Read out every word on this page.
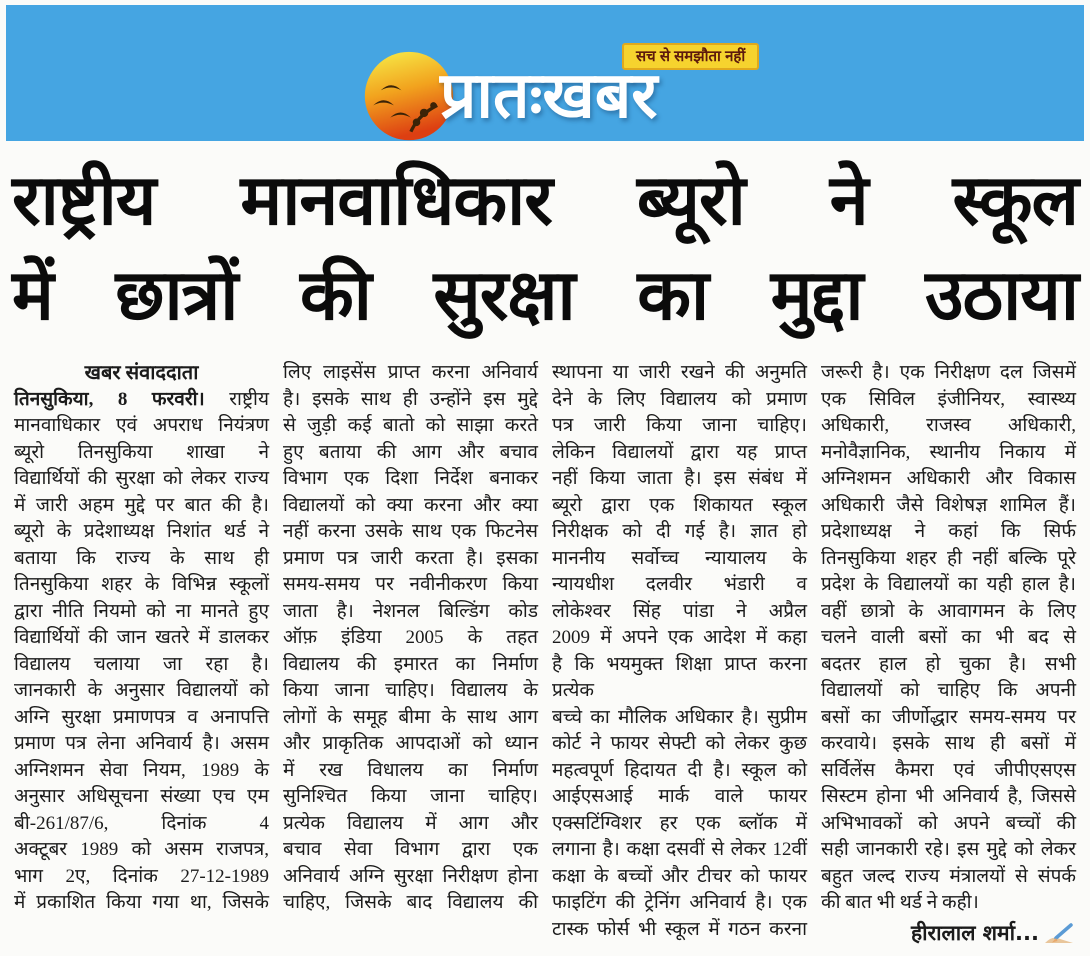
सच से समझौता नहीं
प्रातःखबर
राष्ट्रीय मानवाधिकार ब्यूरो ने स्कूल
में छात्रों की सुरक्षा का मुद्दा उठाया
खबर संवाददाता
तिनसुकिया, 8 फरवरी। राष्ट्रीय
मानवाधिकार एवं अपराध नियंत्रण
ब्यूरो तिनसुकिया शाखा ने
विद्यार्थियों की सुरक्षा को लेकर राज्य
में जारी अहम मुद्दे पर बात की है।
ब्यूरो के प्रदेशाध्यक्ष निशांत थर्ड ने
बताया कि राज्य के साथ ही
तिनसुकिया शहर के विभिन्न स्कूलों
द्वारा नीति नियमो को ना मानते हुए
विद्यार्थियों की जान खतरे में डालकर
विद्यालय चलाया जा रहा है।
जानकारी के अनुसार विद्यालयों को
अग्नि सुरक्षा प्रमाणपत्र व अनापत्ति
प्रमाण पत्र लेना अनिवार्य है। असम
अग्निशमन सेवा नियम, 1989 के
अनुसार अधिसूचना संख्या एच एम
बी-261/87/6, दिनांक 4
अक्टूबर 1989 को असम राजपत्र,
भाग 2ए, दिनांक 27-12-1989
में प्रकाशित किया गया था, जिसके
लिए लाइसेंस प्राप्त करना अनिवार्य
है। इसके साथ ही उन्होंने इस मुद्दे
से जुड़ी कई बातो को साझा करते
हुए बताया की आग और बचाव
विभाग एक दिशा निर्देश बनाकर
विद्यालयों को क्या करना और क्या
नहीं करना उसके साथ एक फिटनेस
प्रमाण पत्र जारी करता है। इसका
समय-समय पर नवीनीकरण किया
जाता है। नेशनल बिल्डिंग कोड
ऑफ़ इंडिया 2005 के तहत
विद्यालय की इमारत का निर्माण
किया जाना चाहिए। विद्यालय के
लोगों के समूह बीमा के साथ आग
और प्राकृतिक आपदाओं को ध्यान
में रख विधालय का निर्माण
सुनिश्चित किया जाना चाहिए।
प्रत्येक विद्यालय में आग और
बचाव सेवा विभाग द्वारा एक
अनिवार्य अग्नि सुरक्षा निरीक्षण होना
चाहिए, जिसके बाद विद्यालय की
स्थापना या जारी रखने की अनुमति
देने के लिए विद्यालय को प्रमाण
पत्र जारी किया जाना चाहिए।
लेकिन विद्यालयों द्वारा यह प्राप्त
नहीं किया जाता है। इस संबंध में
ब्यूरो द्वारा एक शिकायत स्कूल
निरीक्षक को दी गई है। ज्ञात हो
माननीय सर्वोच्च न्यायालय के
न्यायधीश दलवीर भंडारी व
लोकेश्वर सिंह पांडा ने अप्रैल
2009 में अपने एक आदेश में कहा
है कि भयमुक्त शिक्षा प्राप्त करना प्रत्येक
बच्चे का मौलिक अधिकार है। सुप्रीम
कोर्ट ने फायर सेफ्टी को लेकर कुछ
महत्वपूर्ण हिदायत दी है। स्कूल को
आईएसआई मार्क वाले फायर
एक्सटिंग्विशर हर एक ब्लॉक में
लगाना है। कक्षा दसवीं से लेकर 12वीं
कक्षा के बच्चों और टीचर को फायर
फाइटिंग की ट्रेनिंग अनिवार्य है। एक
टास्क फोर्स भी स्कूल में गठन करना
जरूरी है। एक निरीक्षण दल जिसमें
एक सिविल इंजीनियर, स्वास्थ्य
अधिकारी, राजस्व अधिकारी,
मनोवैज्ञानिक, स्थानीय निकाय में
अग्निशमन अधिकारी और विकास
अधिकारी जैसे विशेषज्ञ शामिल हैं।
प्रदेशाध्यक्ष ने कहां कि सिर्फ
तिनसुकिया शहर ही नहीं बल्कि पूरे
प्रदेश के विद्यालयों का यही हाल है।
वहीं छात्रो के आवागमन के लिए
चलने वाली बसों का भी बद से
बदतर हाल हो चुका है। सभी
विद्यालयों को चाहिए कि अपनी
बसों का जीर्णोद्धार समय-समय पर
करवाये। इसके साथ ही बसों में
सर्विलेंस कैमरा एवं जीपीएसएस
सिस्टम होना भी अनिवार्य है, जिससे
अभिभावकों को अपने बच्चों की
सही जानकारी रहे। इस मुद्दे को लेकर
बहुत जल्द राज्य मंत्रालयों से संपर्क
की बात भी थर्ड ने कही।
हीरालाल शर्मा...
